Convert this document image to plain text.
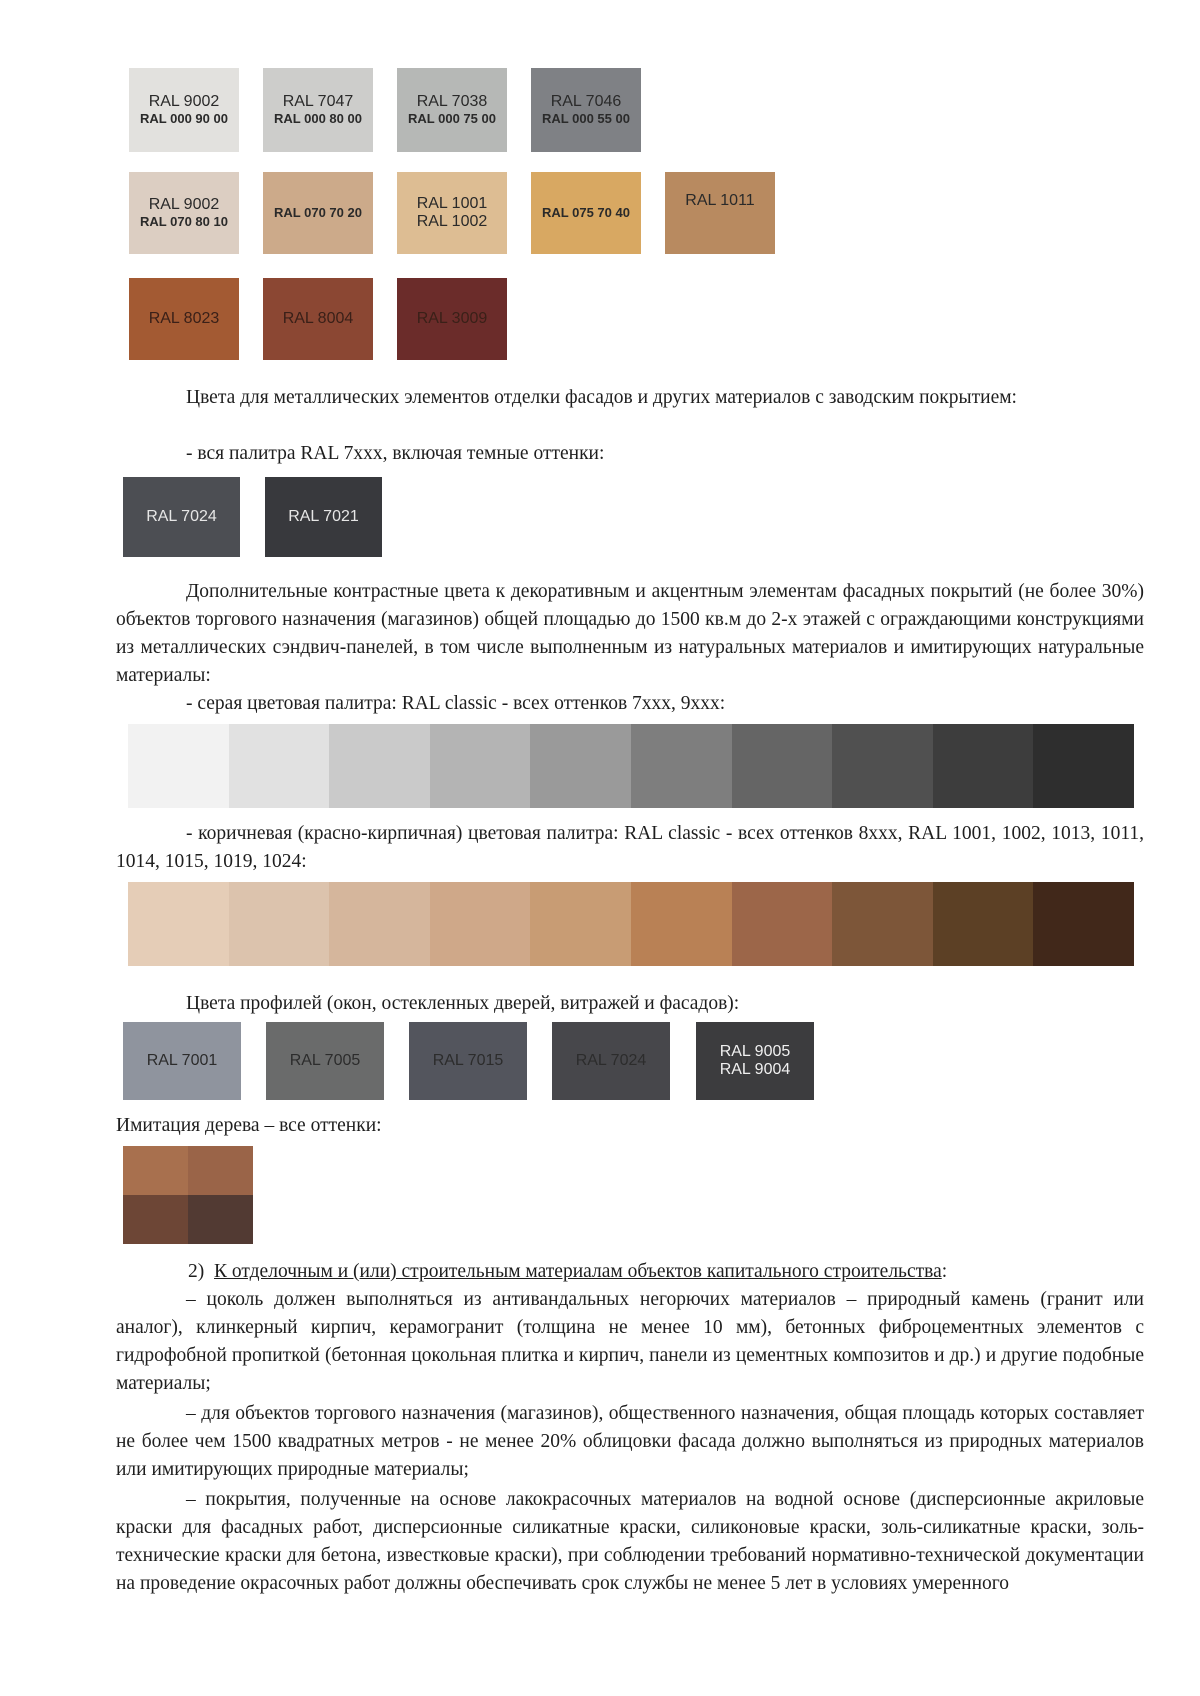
RAL 9002
RAL 000 90 00
RAL 7047
RAL 000 80 00
RAL 7038
RAL 000 75 00
RAL 7046
RAL 000 55 00
RAL 9002
RAL 070 80 10
RAL 070 70 20
RAL 1001
RAL 1002
RAL 075 70 40
RAL 1011
RAL 8023	RAL 8004	RAL 3009
Цвета для металлических элементов отделки фасадов и других материалов с заводским покрытием:
- вся палитра RAL 7xxx, включая темные оттенки:
RAL 7024	RAL 7021
Дополнительные контрастные цвета к декоративным и акцентным элементам фасадных покрытий (не более 30%) объектов торгового назначения (магазинов) общей площадью до 1500 кв.м до 2-х этажей с ограждающими конструкциями из металлических сэндвич-панелей, в том числе выполненным из натуральных материалов и имитирующих натуральные материалы:
- серая цветовая палитра: RAL classic - всех оттенков 7xxx, 9xxx:
- коричневая (красно-кирпичная) цветовая палитра: RAL classic - всех оттенков 8xxx, RAL 1001, 1002, 1013, 1011, 1014, 1015, 1019, 1024:
Цвета профилей (окон, остекленных дверей, витражей и фасадов):
RAL 7001	RAL 7005	RAL 7015	RAL 7024
RAL 9005
RAL 9004
Имитация дерева – все оттенки:
2) К отделочным и (или) строительным материалам объектов капитального строительства:
– цоколь должен выполняться из антивандальных негорючих материалов – природный камень (гранит или аналог), клинкерный кирпич, керамогранит (толщина не менее 10 мм), бетонных фиброцементных элементов с гидрофобной пропиткой (бетонная цокольная плитка и кирпич, панели из цементных композитов и др.) и другие подобные материалы;
– для объектов торгового назначения (магазинов), общественного назначения, общая площадь которых составляет не более чем 1500 квадратных метров - не менее 20% облицовки фасада должно выполняться из природных материалов или имитирующих природные материалы;
– покрытия, полученные на основе лакокрасочных материалов на водной основе (дисперсионные акриловые краски для фасадных работ, дисперсионные силикатные краски, силиконовые краски, золь-силикатные краски, золь-технические краски для бетона, известковые краски), при соблюдении требований нормативно-технической документации на проведение окрасочных работ должны обеспечивать срок службы не менее 5 лет в условиях умеренного
